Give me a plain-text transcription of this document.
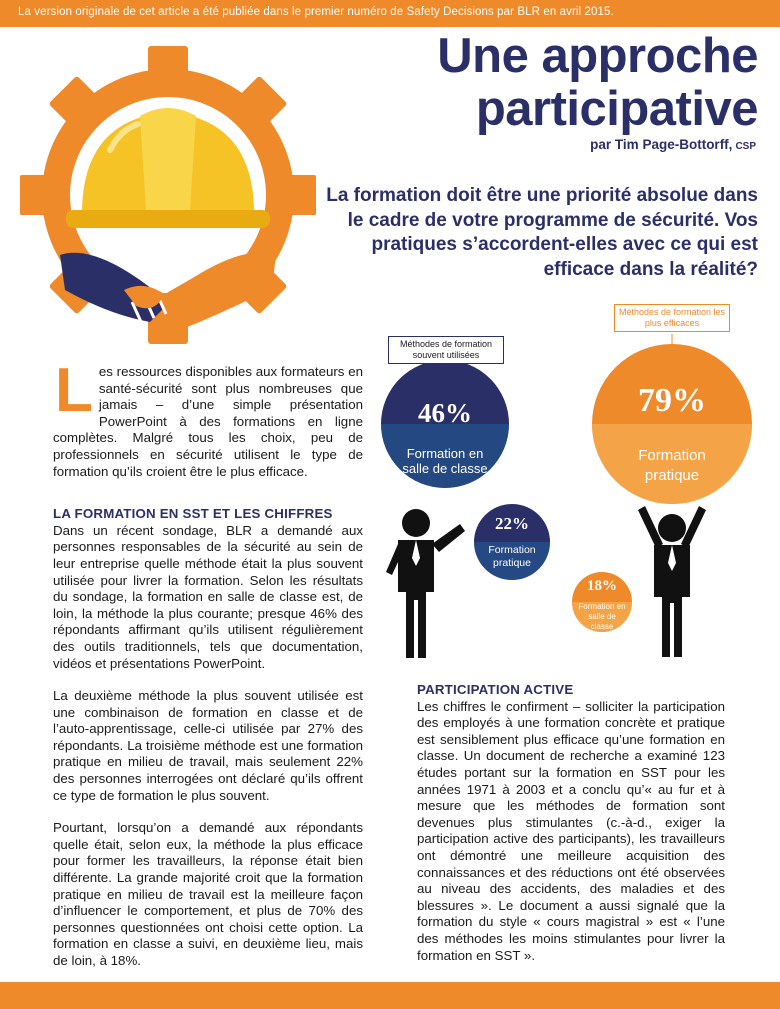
La version originale de cet article a été publiée dans le premier numéro de Safety Decisions par BLR en avril 2015.
Une approche participative
par Tim Page-Bottorff, CSP
La formation doit être une priorité absolue dans le cadre de votre programme de sécurité. Vos pratiques s’accordent-elles avec ce qui est efficace dans la réalité?
Méthodes de formation souvent utilisées
Méthodes de formation les plus efficaces
46%
Formation en salle de classe
22%
Formation pratique
79%
Formation pratique
18%
Formation en salle de classe

Les ressources disponibles aux formateurs en santé-sécurité sont plus nombreuses que jamais – d’une simple présentation PowerPoint à des formations en ligne complètes. Malgré tous les choix, peu de professionnels en sécurité utilisent le type de formation qu’ils croient être le plus efficace.

LA FORMATION EN SST ET LES CHIFFRES

Dans un récent sondage, BLR a demandé aux personnes responsables de la sécurité au sein de leur entreprise quelle méthode était la plus souvent utilisée pour livrer la formation. Selon les résultats du sondage, la formation en salle de classe est, de loin, la méthode la plus courante; presque 46% des répondants affirmant qu’ils utilisent régulièrement des outils traditionnels, tels que documentation, vidéos et présentations PowerPoint.

La deuxième méthode la plus souvent utilisée est une combinaison de formation en classe et de l’auto-apprentissage, celle-ci utilisée par 27% des répondants. La troisième méthode est une formation pratique en milieu de travail, mais seulement 22% des personnes interrogées ont déclaré qu’ils offrent ce type de formation le plus souvent.

Pourtant, lorsqu’on a demandé aux répondants quelle était, selon eux, la méthode la plus efficace pour former les travailleurs, la réponse était bien différente. La grande majorité croit que la formation pratique en milieu de travail est la meilleure façon d’influencer le comportement, et plus de 70% des personnes questionnées ont choisi cette option. La formation en classe a suivi, en deuxième lieu, mais de loin, à 18%.

PARTICIPATION ACTIVE

Les chiffres le confirment – solliciter la participation des employés à une formation concrète et pratique est sensiblement plus efficace qu’une formation en classe. Un document de recherche a examiné 123 études portant sur la formation en SST pour les années 1971 à 2003 et a conclu qu’« au fur et à mesure que les méthodes de formation sont devenues plus stimulantes (c.-à-d., exiger la participation active des participants), les travailleurs ont démontré une meilleure acquisition des connaissances et des réductions ont été observées au niveau des accidents, des maladies et des blessures ». Le document a aussi signalé que la formation du style « cours magistral » est « l’une des méthodes les moins stimulantes pour livrer la formation en SST ».
